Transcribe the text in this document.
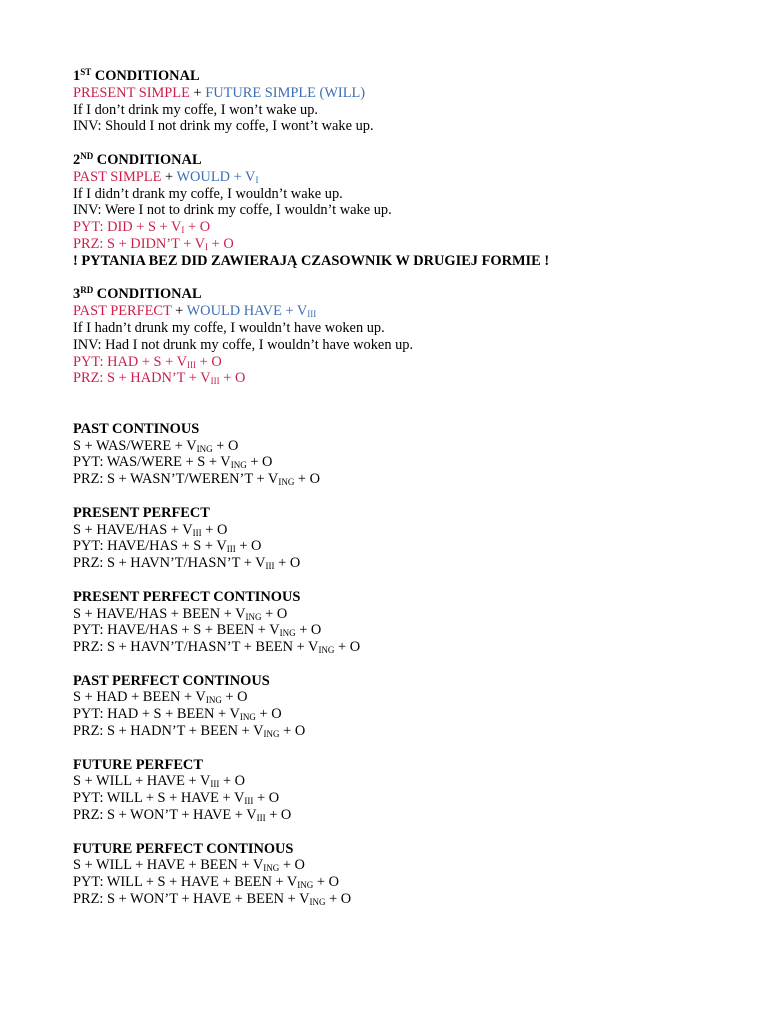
1ST CONDITIONAL
PRESENT SIMPLE + FUTURE SIMPLE (WILL)
If I don’t drink my coffe, I won’t wake up.
INV: Should I not drink my coffe, I wont’t wake up.
2ND CONDITIONAL
PAST SIMPLE + WOULD + $V_I$
If I didn’t drank my coffe, I wouldn’t wake up.
INV: Were I not to drink my coffe, I wouldn’t wake up.
PYT: DID + $S + V_I + O$
PRZ: S + DIDN’T + $V_I + O$
! PYTANIA BEZ DID ZAWIERAJĄ CZASOWNIK W DRUGIEJ FORMIE !
3RD CONDITIONAL
PAST PERFECT + WOULD HAVE + $V_{III}$
If I hadn’t drunk my coffe, I wouldn’t have woken up.
INV: Had I not drunk my coffe, I wouldn’t have woken up.
PYT: HAD + $S + V_{III} + O$
PRZ: S + HADN’T + $V_{III} + O$
PAST CONTINOUS
S + WAS/WERE + $V_{ING} + O$
PYT: WAS/WERE + $S + V_{ING} + O$
PRZ: S + WASN’T/WEREN’T + $V_{ING} + O$
PRESENT PERFECT
S + HAVE/HAS + $V_{III} + O$
PYT: HAVE/HAS + $S + V_{III} + O$
PRZ: S + HAVN’T/HASN’T + $V_{III} + O$
PRESENT PERFECT CONTINOUS
S + HAVE/HAS + BEEN + $V_{ING} + O$
PYT: HAVE/HAS + S + BEEN + $V_{ING} + O$
PRZ: S + HAVN’T/HASN’T + BEEN + $V_{ING} + O$
PAST PERFECT CONTINOUS
S + HAD + BEEN + $V_{ING} + O$
PYT: HAD + S + BEEN + $V_{ING} + O$
PRZ: S + HADN’T + BEEN + $V_{ING} + O$
FUTURE PERFECT
S + WILL + HAVE + $V_{III} + O$
PYT: WILL + S + HAVE + $V_{III} + O$
PRZ: S + WON’T + HAVE + $V_{III} + O$
FUTURE PERFECT CONTINOUS
S + WILL + HAVE + BEEN + $V_{ING} + O$
PYT: WILL + S + HAVE + BEEN + $V_{ING} + O$
PRZ: S + WON’T + HAVE + BEEN + $V_{ING} + O$
